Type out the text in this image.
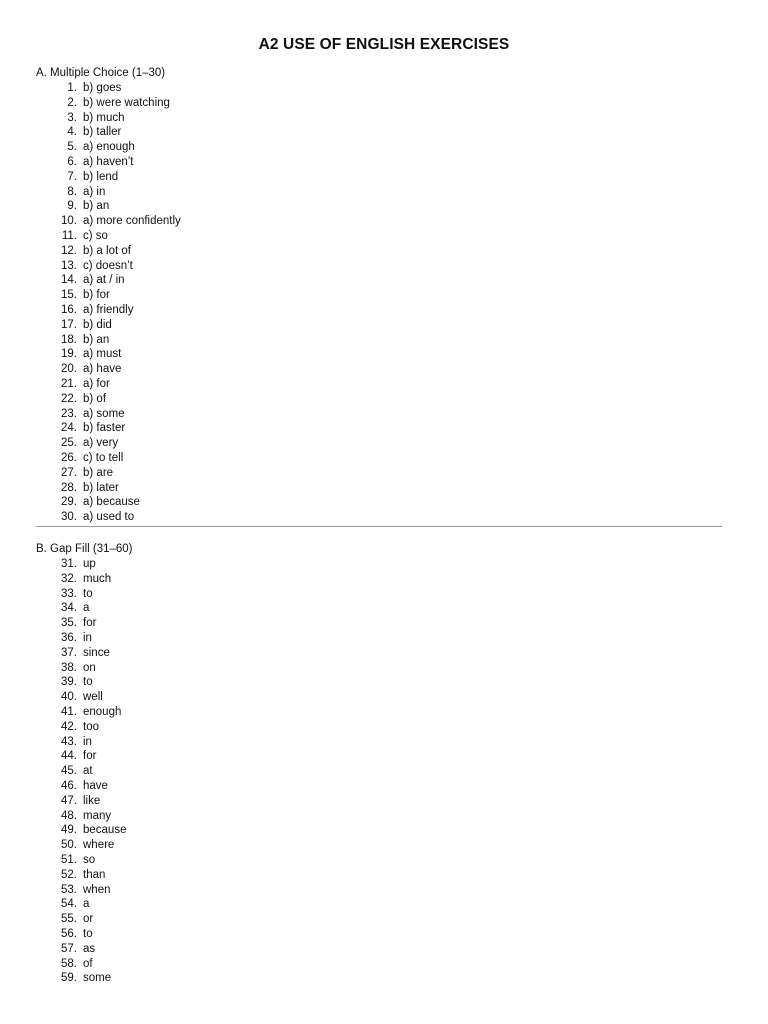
A2 USE OF ENGLISH EXERCISES
A. Multiple Choice (1–30)
1. b) goes
2. b) were watching
3. b) much
4. b) taller
5. a) enough
6. a) haven’t
7. b) lend
8. a) in
9. b) an
10. a) more confidently
11. c) so
12. b) a lot of
13. c) doesn’t
14. a) at / in
15. b) for
16. a) friendly
17. b) did
18. b) an
19. a) must
20. a) have
21. a) for
22. b) of
23. a) some
24. b) faster
25. a) very
26. c) to tell
27. b) are
28. b) later
29. a) because
30. a) used to
B. Gap Fill (31–60)
31. up
32. much
33. to
34. a
35. for
36. in
37. since
38. on
39. to
40. well
41. enough
42. too
43. in
44. for
45. at
46. have
47. like
48. many
49. because
50. where
51. so
52. than
53. when
54. a
55. or
56. to
57. as
58. of
59. some
